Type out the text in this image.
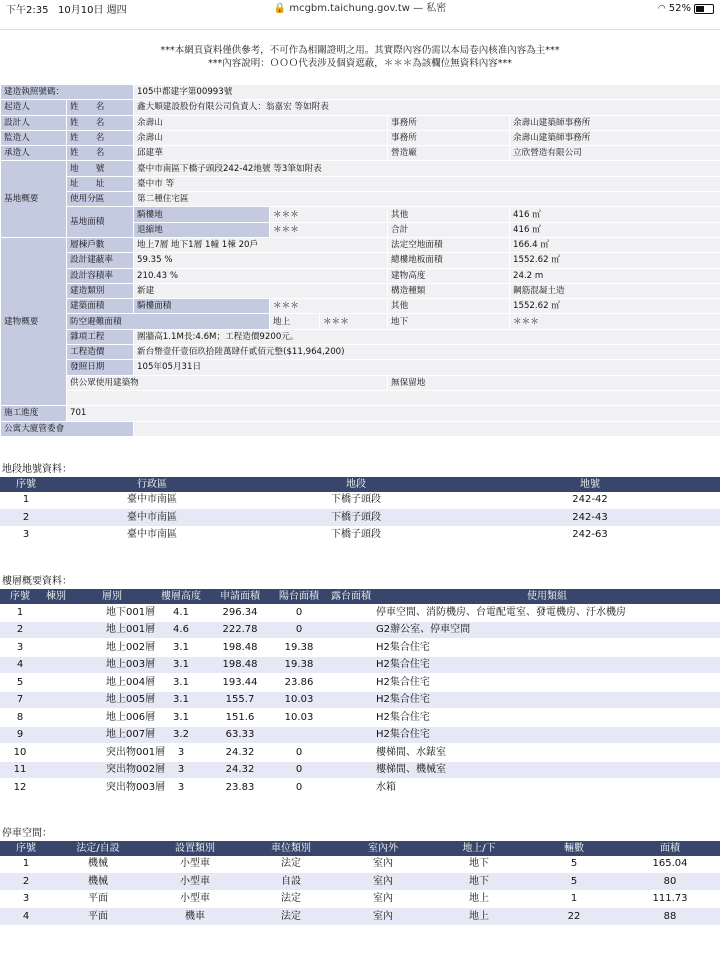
下午2:35 10月10日 週四	🔒 mcgbm.taichung.gov.tw — 私密	◠ 52%
***本網頁資料僅供參考，不可作為相關證明之用。其實際內容仍需以本局卷內核准內容為主***
***內容說明：ＯＯＯ代表涉及個資遮蔽，＊＊＊為該欄位無資料內容***
建造執照號碼：		105中都建字第00993號				
起造人	姓　　名	鑫大順建設股份有限公司負責人：翁嘉宏 等如附表				
設計人	姓　　名	余壽山			事務所	余壽山建築師事務所
監造人	姓　　名	余壽山			事務所	余壽山建築師事務所
承造人	姓　　名	邱建華			營造廠	立欣營造有限公司
基地概要	地　　號	臺中市南區下橋子頭段242-42地號 等3筆如附表				
	址　　址	臺中市 等				
	使用分區	第二種住宅區				
	基地面積	騎樓地	＊＊＊		其他	416 ㎡
		退縮地	＊＊＊		合計	416 ㎡
建物概要	層棟戶數	地上7層 地下1層 1幢 1棟 20戶			法定空地面積	166.4 ㎡
	設計建蔽率	59.35 %			總樓地板面積	1552.62 ㎡
	設計容積率	210.43 %			建物高度	24.2 m
	建造類別	新建			構造種類	鋼筋混凝土造
	建築面積	騎樓面積	＊＊＊		其他	1552.62 ㎡
	防空避難面積		地上	＊＊＊	地下	＊＊＊
	雜項工程	圍牆高1.1M長:4.6M；工程造價9200元。				
	工程造價	新台幣壹仟壹佰玖拾陸萬肆仟貳佰元整($11,964,200)				
	發照日期	105年05月31日				
	供公眾使用建築物				無保留地	

施工進度	701					
公寓大廈管委會						
地段地號資料：
序號	行政區	地段	地號
1	臺中市南區	下橋子頭段	242-42
2	臺中市南區	下橋子頭段	242-43
3	臺中市南區	下橋子頭段	242-63
樓層概要資料：
序號	棟別	層別	樓層高度	申請面積	陽台面積	露台面積	使用類組
1		地下001層	4.1	296.34	0		停車空間、消防機房、台電配電室、發電機房、汙水機房
2		地上001層	4.6	222.78	0		G2辦公室、停車空間
3		地上002層	3.1	198.48	19.38		H2集合住宅
4		地上003層	3.1	198.48	19.38		H2集合住宅
5		地上004層	3.1	193.44	23.86		H2集合住宅
7		地上005層	3.1	155.7	10.03		H2集合住宅
8		地上006層	3.1	151.6	10.03		H2集合住宅
9		地上007層	3.2	63.33			H2集合住宅
10		突出物001層	3	24.32	0		樓梯間、水錶室
11		突出物002層	3	24.32	0		樓梯間、機械室
12		突出物003層	3	23.83	0		水箱
停車空間：
序號	法定/自設	設置類別	車位類別	室內外	地上/下	輛數	面積
1	機械	小型車	法定	室內	地下	5	165.04
2	機械	小型車	自設	室內	地下	5	80
3	平面	小型車	法定	室內	地上	1	111.73
4	平面	機車	法定	室內	地上	22	88
